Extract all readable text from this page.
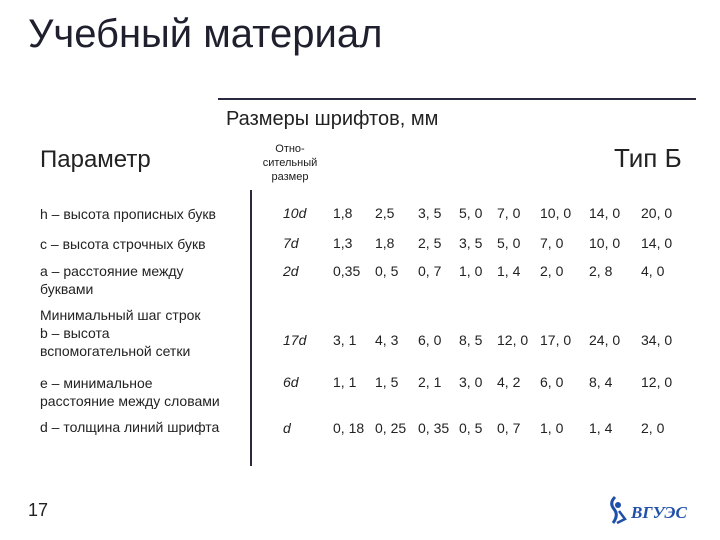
Учебный материал
Размеры шрифтов, мм
Параметр	Отно-
сительный
размер
Тип Б
h – высота прописных букв	10d 1,8 2,5 3, 5 5, 0 7, 0 10, 0 14, 0 20, 0
c – высота строчных букв	7d 1,3 1,8 2, 5 3, 5 5, 0 7, 0 10, 0 14, 0
a – расстояние между
буквами
2d 0,35 0, 5 0, 7 1, 0 1, 4 2, 0 2, 8 4, 0
Минимальный шаг строк
b – высота
вспомогательной сетки
17d 3, 1 4, 3 6, 0 8, 5 12, 0 17, 0 24, 0 34, 0
e – минимальное
расстояние между словами
6d 1, 1 1, 5 2, 1 3, 0 4, 2 6, 0 8, 4 12, 0
d – толщина линий шрифта	d	0, 18 0, 25 0, 35 0, 5 0, 7 1, 0 1, 4 2, 0
17	ВГУЭС
